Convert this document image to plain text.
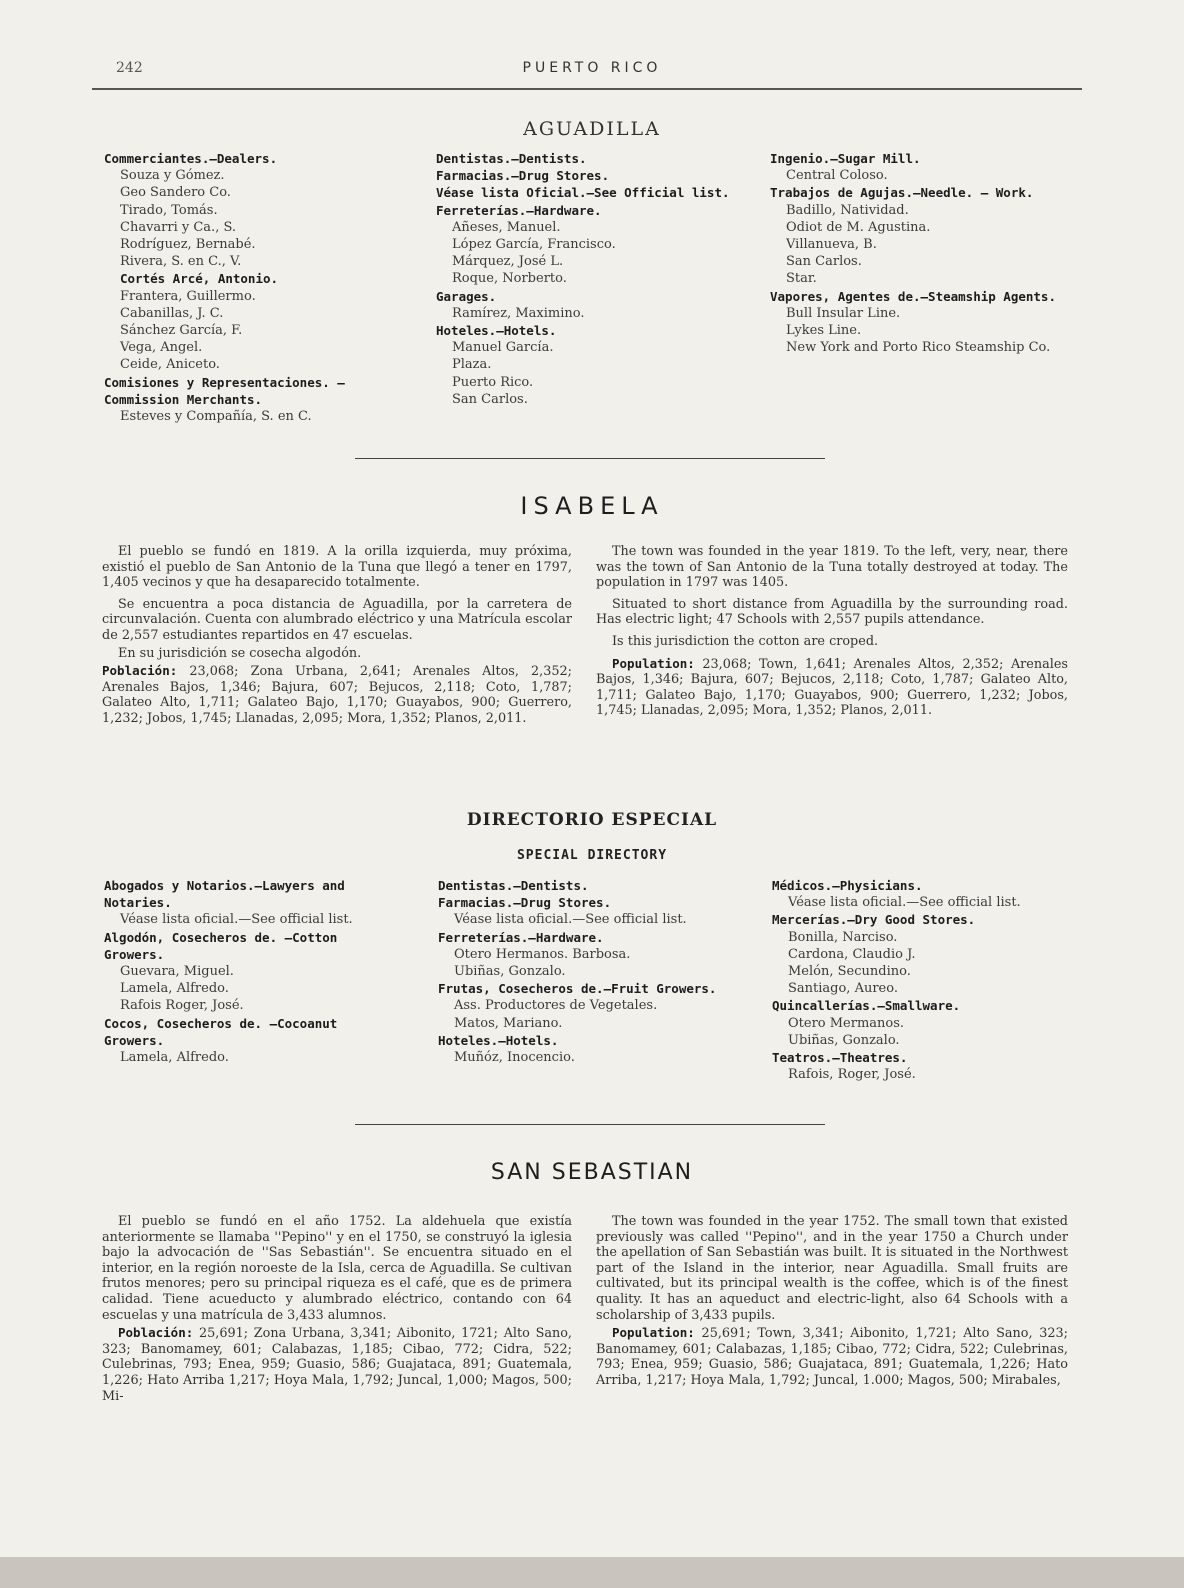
242	PUERTO RICO
AGUADILLA
Commerciantes.—Dealers.
Souza y Gómez.
Geo Sandero Co.
Tirado, Tomás.
Chavarri y Ca., S.
Rodríguez, Bernabé.
Rivera, S. en C., V.
Cortés Arcé, Antonio.
Frantera, Guillermo.
Cabanillas, J. C.
Sánchez García, F.
Vega, Angel.
Ceide, Aniceto.
Comisiones y Representaciones. — Commission Merchants.
Esteves y Compañía, S. en C.
Dentistas.—Dentists.
Farmacias.—Drug Stores.
Véase lista Oficial.—See Official list.
Ferreterías.—Hardware.
Añeses, Manuel.
López García, Francisco.
Márquez, José L.
Roque, Norberto.
Garages.
Ramírez, Maximino.
Hoteles.—Hotels.
Manuel García.
Plaza.
Puerto Rico.
San Carlos.
Ingenio.—Sugar Mill.
Central Coloso.
Trabajos de Agujas.—Needle. — Work.
Badillo, Natividad.
Odiot de M. Agustina.
Villanueva, B.
San Carlos.
Star.
Vapores, Agentes de.—Steamship Agents.
Bull Insular Line.
Lykes Line.
New York and Porto Rico Steamship Co.
ISABELA

El pueblo se fundó en 1819. A la orilla izquierda, muy próxima, existió el pueblo de San Antonio de la Tuna que llegó a tener en 1797, 1,405 vecinos y que ha desaparecido totalmente.

Se encuentra a poca distancia de Aguadilla, por la carretera de circunvalación. Cuenta con alumbrado eléctrico y una Matrícula escolar de 2,557 estudiantes repartidos en 47 escuelas.

En su jurisdición se cosecha algodón.

Población: 23,068; Zona Urbana, 2,641; Arenales Altos, 2,352; Arenales Bajos, 1,346; Bajura, 607; Bejucos, 2,118; Coto, 1,787; Galateo Alto, 1,711; Galateo Bajo, 1,170; Guayabos, 900; Guerrero, 1,232; Jobos, 1,745; Llanadas, 2,095; Mora, 1,352; Planos, 2,011.

The town was founded in the year 1819. To the left, very, near, there was the town of San Antonio de la Tuna totally destroyed at today. The population in 1797 was 1405.

Situated to short distance from Aguadilla by the surrounding road. Has electric light; 47 Schools with 2,557 pupils attendance.

Is this jurisdiction the cotton are croped.

Population: 23,068; Town, 1,641; Arenales Altos, 2,352; Arenales Bajos, 1,346; Bajura, 607; Bejucos, 2,118; Coto, 1,787; Galateo Alto, 1,711; Galateo Bajo, 1,170; Guayabos, 900; Guerrero, 1,232; Jobos, 1,745; Llanadas, 2,095; Mora, 1,352; Planos, 2,011.

DIRECTORIO ESPECIAL
SPECIAL DIRECTORY
Abogados y Notarios.—Lawyers and Notaries.
Véase lista oficial.—See official list.
Algodón, Cosecheros de. —Cotton Growers.
Guevara, Miguel.
Lamela, Alfredo.
Rafois Roger, José.
Cocos, Cosecheros de. —Cocoanut Growers.
Lamela, Alfredo.
Dentistas.—Dentists.
Farmacias.—Drug Stores.
Véase lista oficial.—See official list.
Ferreterías.—Hardware.
Otero Hermanos. Barbosa.
Ubiñas, Gonzalo.
Frutas, Cosecheros de.—Fruit Growers.
Ass. Productores de Vegetales.
Matos, Mariano.
Hoteles.—Hotels.
Muñóz, Inocencio.
Médicos.—Physicians.
Véase lista oficial.—See official list.
Mercerías.—Dry Good Stores.
Bonilla, Narciso.
Cardona, Claudio J.
Melón, Secundino.
Santiago, Aureo.
Quincallerías.—Smallware.
Otero Mermanos.
Ubiñas, Gonzalo.
Teatros.—Theatres.
Rafois, Roger, José.
SAN SEBASTIAN

El pueblo se fundó en el año 1752. La aldehuela que existía anteriormente se llamaba ''Pepino'' y en el 1750, se construyó la iglesia bajo la advocación de ''Sas Sebastián''. Se encuentra situado en el interior, en la región noroeste de la Isla, cerca de Aguadilla. Se cultivan frutos menores; pero su principal riqueza es el café, que es de primera calidad. Tiene acueducto y alumbrado eléctrico, contando con 64 escuelas y una matrícula de 3,433 alumnos.

Población: 25,691; Zona Urbana, 3,341; Aibonito, 1721; Alto Sano, 323; Banomamey, 601; Calabazas, 1,185; Cibao, 772; Cidra, 522; Culebrinas, 793; Enea, 959; Guasio, 586; Guajataca, 891; Guatemala, 1,226; Hato Arriba 1,217; Hoya Mala, 1,792; Juncal, 1,000; Magos, 500; Mi-

The town was founded in the year 1752. The small town that existed previously was called ''Pepino'', and in the year 1750 a Church under the apellation of San Sebastián was built. It is situated in the Northwest part of the Island in the interior, near Aguadilla. Small fruits are cultivated, but its principal wealth is the coffee, which is of the finest quality. It has an aqueduct and electric-light, also 64 Schools with a scholarship of 3,433 pupils.

Population: 25,691; Town, 3,341; Aibonito, 1,721; Alto Sano, 323; Banomamey, 601; Calabazas, 1,185; Cibao, 772; Cidra, 522; Culebrinas, 793; Enea, 959; Guasio, 586; Guajataca, 891; Guatemala, 1,226; Hato Arriba, 1,217; Hoya Mala, 1,792; Juncal, 1.000; Magos, 500; Mirabales,
